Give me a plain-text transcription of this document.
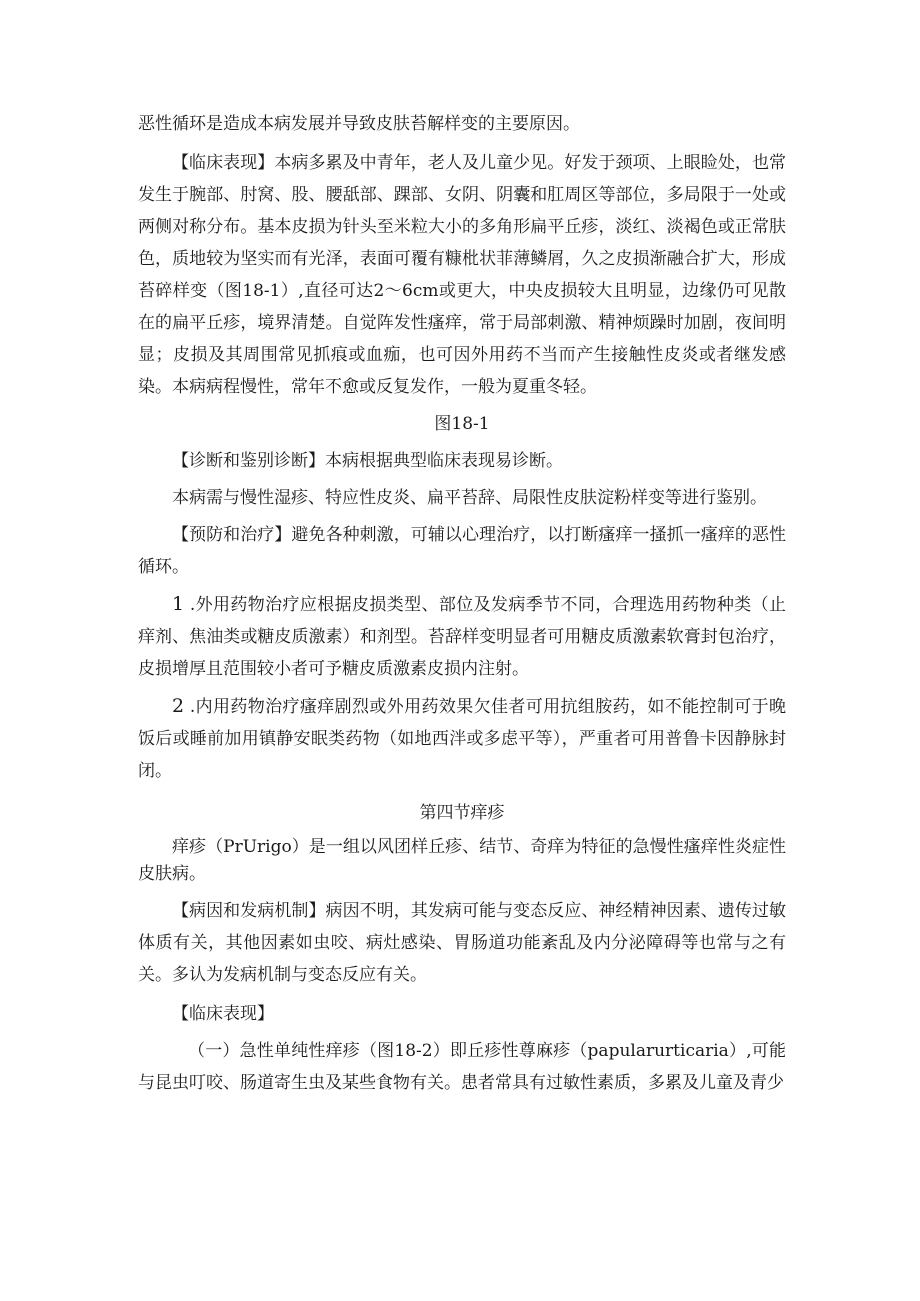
恶性循环是造成本病发展并导致皮肤苔解样变的主要原因。

【临床表现】本病多累及中青年，老人及儿童少见。好发于颈项、上眼睑处，也常发生于腕部、肘窝、股、腰舐部、踝部、女阴、阴囊和肛周区等部位，多局限于一处或两侧对称分布。基本皮损为针头至米粒大小的多角形扁平丘疹，淡红、淡褐色或正常肤色，质地较为坚实而有光泽，表面可覆有糠枇状菲薄鳞屑，久之皮损渐融合扩大，形成苔碎样变（图18-1）,直径可达2～6cm或更大，中央皮损较大且明显，边缘仍可见散在的扁平丘疹，境界清楚。自觉阵发性瘙痒，常于局部刺激、精神烦躁时加剧，夜间明显；皮损及其周围常见抓痕或血痂，也可因外用药不当而产生接触性皮炎或者继发感染。本病病程慢性，常年不愈或反复发作，一般为夏重冬轻。

图18-1

【诊断和鉴别诊断】本病根据典型临床表现易诊断。

本病需与慢性湿疹、特应性皮炎、扁平苔辞、局限性皮肤淀粉样变等进行鉴别。

【预防和治疗】避免各种刺激，可辅以心理治疗，以打断瘙痒一搔抓一瘙痒的恶性循环。

1 .外用药物治疗应根据皮损类型、部位及发病季节不同，合理选用药物种类（止痒剂、焦油类或糖皮质激素）和剂型。苔辞样变明显者可用糖皮质激素软膏封包治疗，皮损增厚且范围较小者可予糖皮质激素皮损内注射。

2 .内用药物治疗瘙痒剧烈或外用药效果欠佳者可用抗组胺药，如不能控制可于晚饭后或睡前加用镇静安眠类药物（如地西泮或多虑平等），严重者可用普鲁卡因静脉封闭。

第四节痒疹

痒疹（PrUrigo）是一组以风团样丘疹、结节、奇痒为特征的急慢性瘙痒性炎症性皮肤病。

【病因和发病机制】病因不明，其发病可能与变态反应、神经精神因素、遗传过敏体质有关，其他因素如虫咬、病灶感染、胃肠道功能紊乱及内分泌障碍等也常与之有关。多认为发病机制与变态反应有关。

【临床表现】

（一）急性单纯性痒疹（图18-2）即丘疹性尊麻疹（papularurticaria）,可能与昆虫叮咬、肠道寄生虫及某些食物有关。患者常具有过敏性素质，多累及儿童及青少
